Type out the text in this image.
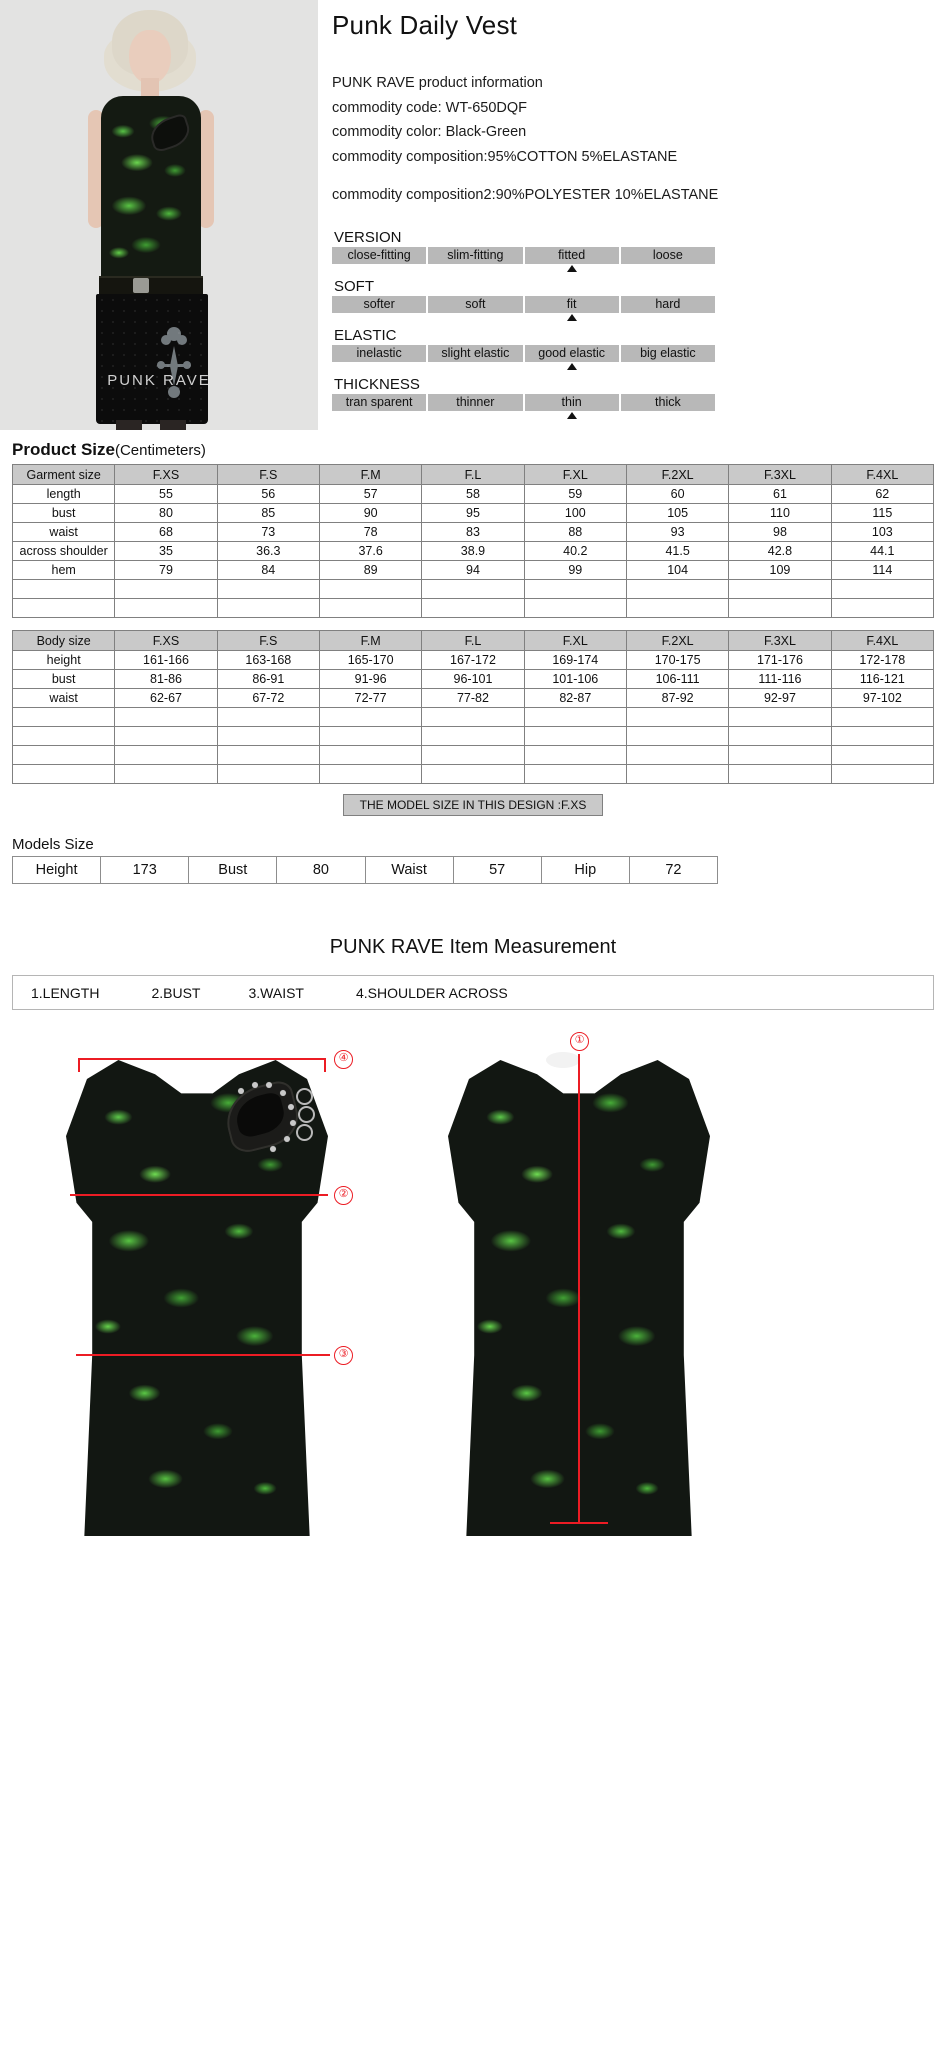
PUNK RAVE
Punk Daily Vest
PUNK RAVE product information
commodity code: WT-650DQF
commodity color: Black-Green
commodity composition:95%COTTON 5%ELASTANE
commodity composition2:90%POLYESTER 10%ELASTANE
VERSION
close-fitting	slim-fitting	fitted	loose
SOFT
softer	soft	fit	hard
ELASTIC
inelastic	slight elastic	good elastic	big elastic
THICKNESS
tran sparent	thinner	thin	thick
Product Size(Centimeters)
Garment size	F.XS	F.S	F.M	F.L	F.XL	F.2XL	F.3XL	F.4XL
length	55	56	57	58	59	60	61	62
bust	80	85	90	95	100	105	110	115
waist	68	73	78	83	88	93	98	103
across shoulder	35	36.3	37.6	38.9	40.2	41.5	42.8	44.1
hem	79	84	89	94	99	104	109	114

Body size	F.XS	F.S	F.M	F.L	F.XL	F.2XL	F.3XL	F.4XL
height	161-166	163-168	165-170	167-172	169-174	170-175	171-176	172-178
bust	81-86	86-91	91-96	96-101	101-106	106-111	111-116	116-121
waist	62-67	67-72	72-77	77-82	82-87	87-92	92-97	97-102

THE MODEL SIZE IN THIS DESIGN :F.XS
Models Size
Height	173	Bust	80	Waist	57	Hip	72
PUNK RAVE Item Measurement
1.LENGTH	2.BUST	3.WAIST	4.SHOULDER ACROSS
④
②
③
①
